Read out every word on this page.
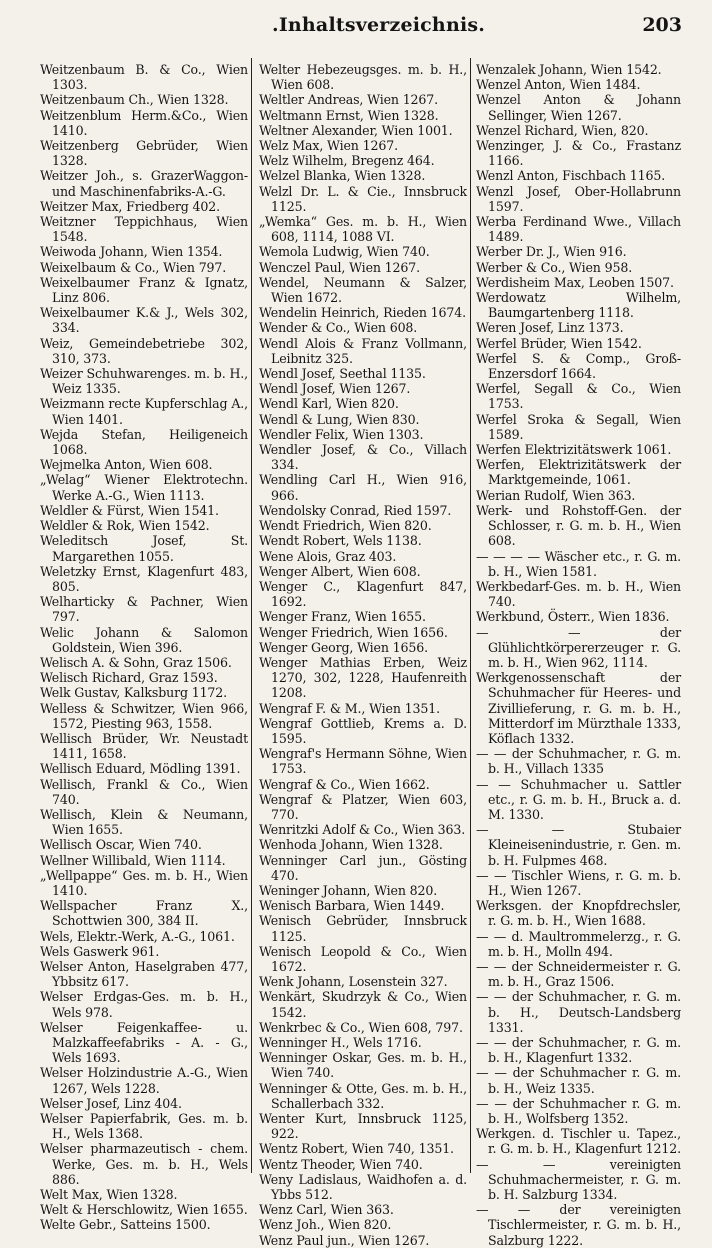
.Inhaltsverzeichnis.	203

Weitzenbaum B. & Co., Wien 1303.

Weitzenbaum Ch., Wien 1328.

Weitzenblum Herm.&Co., Wien 1410.

Weitzenberg Gebrüder, Wien 1328.

Weitzer Joh., s. GrazerWaggon- und Maschinenfabriks-A.-G.

Weitzer Max, Friedberg 402.

Weitzner Teppichhaus, Wien 1548.

Weiwoda Johann, Wien 1354.

Weixelbaum & Co., Wien 797.

Weixelbaumer Franz & Ignatz, Linz 806.

Weixelbaumer K.& J., Wels 302, 334.

Weiz, Gemeindebetriebe 302, 310, 373.

Weizer Schuhwarenges. m. b. H., Weiz 1335.

Weizmann recte Kupferschlag A., Wien 1401.

Wejda Stefan, Heiligeneich 1068.

Wejmelka Anton, Wien 608.

„Welag“ Wiener Elektrotechn. Werke A.-G., Wien 1113.

Weldler & Fürst, Wien 1541.

Weldler & Rok, Wien 1542.

Weleditsch Josef, St. Margarethen 1055.

Weletzky Ernst, Klagenfurt 483, 805.

Welharticky & Pachner, Wien 797.

Welic Johann & Salomon Goldstein, Wien 396.

Welisch A. & Sohn, Graz 1506.

Welisch Richard, Graz 1593.

Welk Gustav, Kalksburg 1172.

Welless & Schwitzer, Wien 966, 1572, Piesting 963, 1558.

Wellisch Brüder, Wr. Neustadt 1411, 1658.

Wellisch Eduard, Mödling 1391.

Wellisch, Frankl & Co., Wien 740.

Wellisch, Klein & Neumann, Wien 1655.

Wellisch Oscar, Wien 740.

Wellner Willibald, Wien 1114.

„Wellpappe“ Ges. m. b. H., Wien 1410.

Wellspacher Franz X., Schottwien 300, 384 II.

Wels, Elektr.-Werk, A.-G., 1061.

Wels Gaswerk 961.

Welser Anton, Haselgraben 477, Ybbsitz 617.

Welser Erdgas-Ges. m. b. H., Wels 978.

Welser Feigenkaffee- u. Malzkaffeefabriks - A. - G., Wels 1693.

Welser Holzindustrie A.-G., Wien 1267, Wels 1228.

Welser Josef, Linz 404.

Welser Papierfabrik, Ges. m. b. H., Wels 1368.

Welser pharmazeutisch - chem. Werke, Ges. m. b. H., Wels 886.

Welt Max, Wien 1328.

Welt & Herschlowitz, Wien 1655.

Welte Gebr., Satteins 1500.

Welter Hebezeugsges. m. b. H., Wien 608.

Weltler Andreas, Wien 1267.

Weltmann Ernst, Wien 1328.

Weltner Alexander, Wien 1001.

Welz Max, Wien 1267.

Welz Wilhelm, Bregenz 464.

Welzel Blanka, Wien 1328.

Welzl Dr. L. & Cie., Innsbruck 1125.

„Wemka“ Ges. m. b. H., Wien 608, 1114, 1088 VI.

Wemola Ludwig, Wien 740.

Wenczel Paul, Wien 1267.

Wendel, Neumann & Salzer, Wien 1672.

Wendelin Heinrich, Rieden 1674.

Wender & Co., Wien 608.

Wendl Alois & Franz Vollmann, Leibnitz 325.

Wendl Josef, Seethal 1135.

Wendl Josef, Wien 1267.

Wendl Karl, Wien 820.

Wendl & Lung, Wien 830.

Wendler Felix, Wien 1303.

Wendler Josef, & Co., Villach 334.

Wendling Carl H., Wien 916, 966.

Wendolsky Conrad, Ried 1597.

Wendt Friedrich, Wien 820.

Wendt Robert, Wels 1138.

Wene Alois, Graz 403.

Wenger Albert, Wien 608.

Wenger C., Klagenfurt 847, 1692.

Wenger Franz, Wien 1655.

Wenger Friedrich, Wien 1656.

Wenger Georg, Wien 1656.

Wenger Mathias Erben, Weiz 1270, 302, 1228, Haufenreith 1208.

Wengraf F. & M., Wien 1351.

Wengraf Gottlieb, Krems a. D. 1595.

Wengraf's Hermann Söhne, Wien 1753.

Wengraf & Co., Wien 1662.

Wengraf & Platzer, Wien 603, 770.

Wenritzki Adolf & Co., Wien 363.

Wenhoda Johann, Wien 1328.

Wenninger Carl jun., Gösting 470.

Weninger Johann, Wien 820.

Wenisch Barbara, Wien 1449.

Wenisch Gebrüder, Innsbruck 1125.

Wenisch Leopold & Co., Wien 1672.

Wenk Johann, Losenstein 327.

Wenkärt, Skudrzyk & Co., Wien 1542.

Wenkrbec & Co., Wien 608, 797.

Wenninger H., Wels 1716.

Wenninger Oskar, Ges. m. b. H., Wien 740.

Wenninger & Otte, Ges. m. b. H., Schallerbach 332.

Wenter Kurt, Innsbruck 1125, 922.

Wentz Robert, Wien 740, 1351.

Wentz Theoder, Wien 740.

Weny Ladislaus, Waidhofen a. d. Ybbs 512.

Wenz Carl, Wien 363.

Wenz Joh., Wien 820.

Wenz Paul jun., Wien 1267.

Wenzalek Johann, Wien 1542.

Wenzel Anton, Wien 1484.

Wenzel Anton & Johann Sellinger, Wien 1267.

Wenzel Richard, Wien, 820.

Wenzinger, J. & Co., Frastanz 1166.

Wenzl Anton, Fischbach 1165.

Wenzl Josef, Ober-Hollabrunn 1597.

Werba Ferdinand Wwe., Villach 1489.

Werber Dr. J., Wien 916.

Werber & Co., Wien 958.

Werdisheim Max, Leoben 1507.

Werdowatz Wilhelm, Baumgartenberg 1118.

Weren Josef, Linz 1373.

Werfel Brüder, Wien 1542.

Werfel S. & Comp., Groß-Enzersdorf 1664.

Werfel, Segall & Co., Wien 1753.

Werfel Sroka & Segall, Wien 1589.

Werfen Elektrizitätswerk 1061.

Werfen, Elektrizitätswerk der Marktgemeinde, 1061.

Werian Rudolf, Wien 363.

Werk- und Rohstoff-Gen. der Schlosser, r. G. m. b. H., Wien 608.

— — — — Wäscher etc., r. G. m. b. H., Wien 1581.

Werkbedarf-Ges. m. b. H., Wien 740.

Werkbund, Österr., Wien 1836.

— — der Glühlichtkörpererzeuger r. G. m. b. H., Wien 962, 1114.

Werkgenossenschaft der Schuhmacher für Heeres- und Zivillieferung, r. G. m. b. H., Mitterdorf im Mürzthale 1333, Köflach 1332.

— — der Schuhmacher, r. G. m. b. H., Villach 1335

— — Schuhmacher u. Sattler etc., r. G. m. b. H., Bruck a. d. M. 1330.

— — Stubaier Kleineisenindustrie, r. Gen. m. b. H. Fulpmes 468.

— — Tischler Wiens, r. G. m. b. H., Wien 1267.

Werksgen. der Knopfdrechsler, r. G. m. b. H., Wien 1688.

— — d. Maultrommelerzg., r. G. m. b. H., Molln 494.

— — der Schneidermeister r. G. m. b. H., Graz 1506.

— — der Schuhmacher, r. G. m. b. H., Deutsch-Landsberg 1331.

— — der Schuhmacher, r. G. m. b. H., Klagenfurt 1332.

— — der Schuhmacher r. G. m. b. H., Weiz 1335.

— — der Schuhmacher r. G. m. b. H., Wolfsberg 1352.

Werkgen. d. Tischler u. Tapez., r. G. m. b. H., Klagenfurt 1212.

— — vereinigten Schuhmachermeister, r. G. m. b. H. Salzburg 1334.

— — der vereinigten Tischlermeister, r. G. m. b. H., Salzburg 1222.
